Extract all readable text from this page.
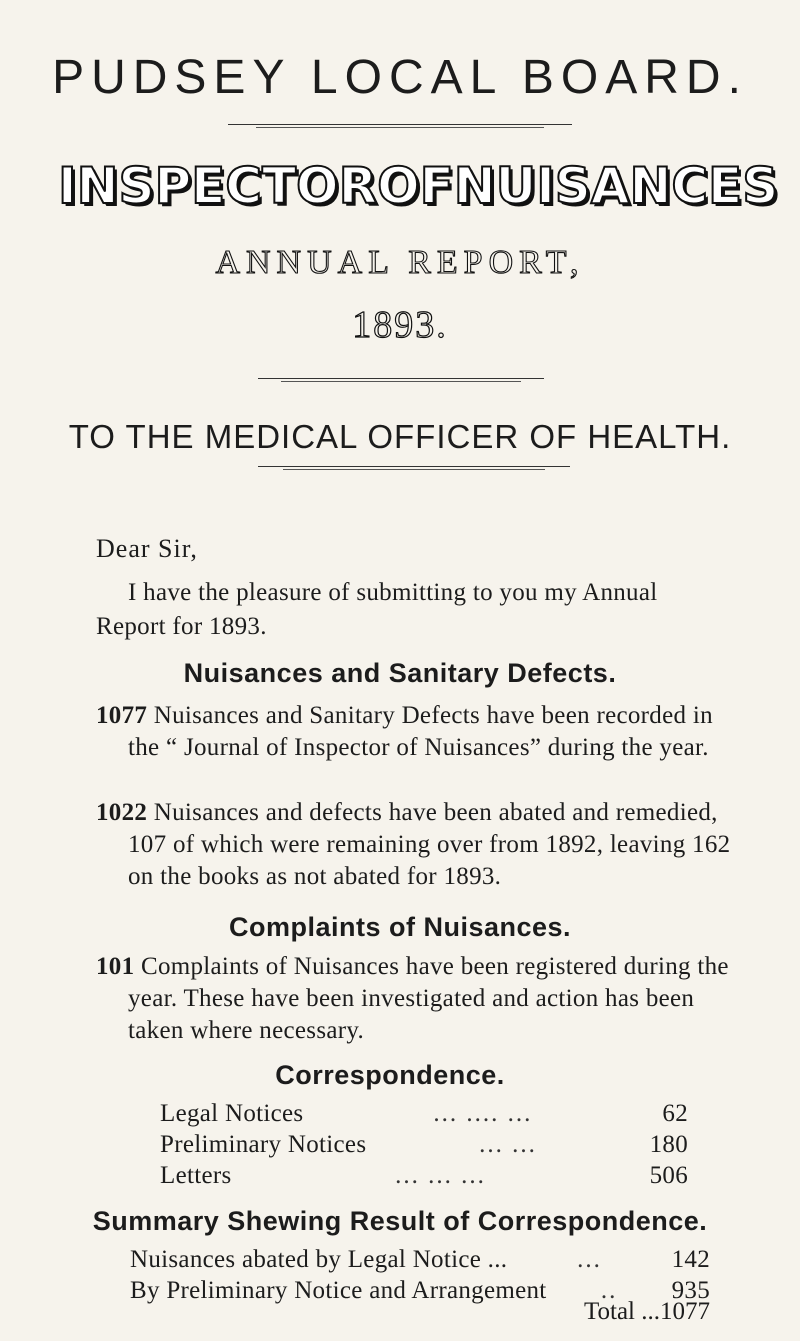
PUDSEY LOCAL BOARD.
INSPECTOR OF NUISANCES
ANNUAL REPORT,
1893.
TO THE MEDICAL OFFICER OF HEALTH.
Dear Sir,

I have the pleasure of submitting to you my Annual Report for 1893.

Nuisances and Sanitary Defects.

1077 Nuisances and Sanitary Defects have been recorded in the “ Journal of Inspector of Nuisances” during the year.

1022 Nuisances and defects have been abated and remedied, 107 of which were remaining over from 1892, leaving 162 on the books as not abated for 1893.

Complaints of Nuisances.

101 Complaints of Nuisances have been registered during the year. These have been investigated and action has been taken where necessary.

Correspondence.
Legal Notices	... .... ...	62
Preliminary Notices	... ...	180
Letters	... ... ...	506
Summary Shewing Result of Correspondence.
Nuisances abated by Legal Notice ...	...	142
By Preliminary Notice and Arrangement	..	935
Total ...1077
